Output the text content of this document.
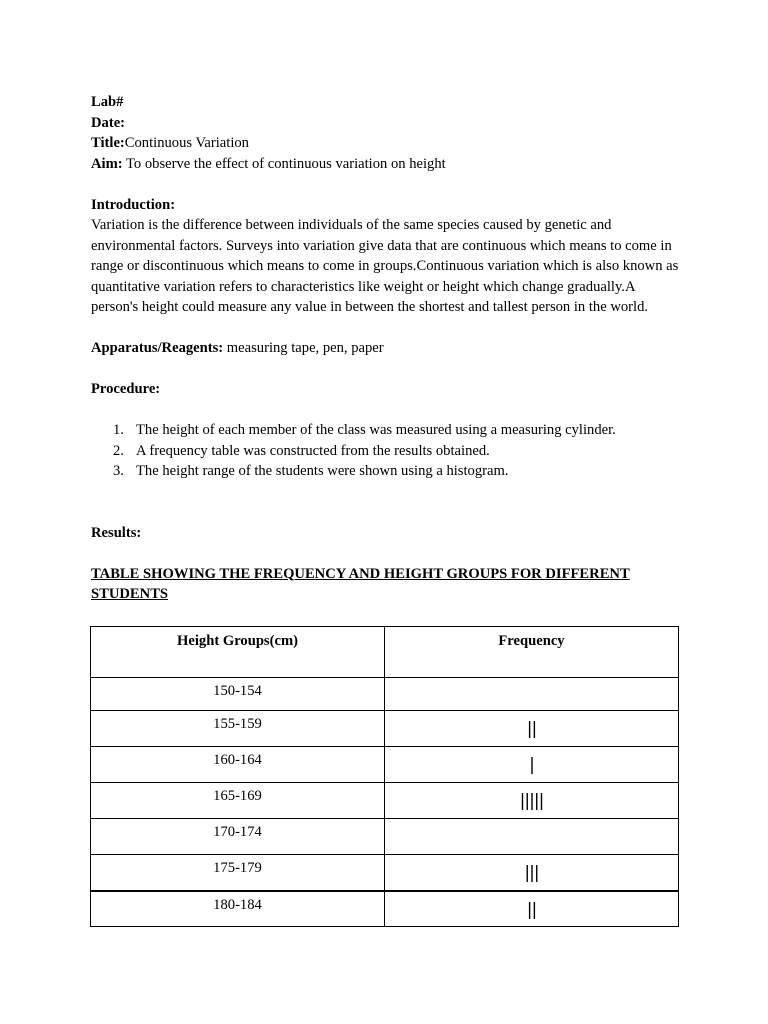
Lab#

Date:

Title:Continuous Variation

Aim: To observe the effect of continuous variation on height

Introduction:

Variation is the difference between individuals of the same species caused by genetic and environmental factors. Surveys into variation give data that are continuous which means to come in range or discontinuous which means to come in groups.Continuous variation which is also known as quantitative variation refers to characteristics like weight or height which change gradually.A person's height could measure any value in between the shortest and tallest person in the world.

Apparatus/Reagents: measuring tape, pen, paper

Procedure:

1. The height of each member of the class was measured using a measuring cylinder.
2. A frequency table was constructed from the results obtained.
3. The height range of the students were shown using a histogram.

Results:

TABLE SHOWING THE FREQUENCY AND HEIGHT GROUPS FOR DIFFERENT STUDENTS
Height Groups(cm)	Frequency
150-154	
155-159	||
160-164	|
165-169	|||||
170-174	
175-179	|||
180-184	||
